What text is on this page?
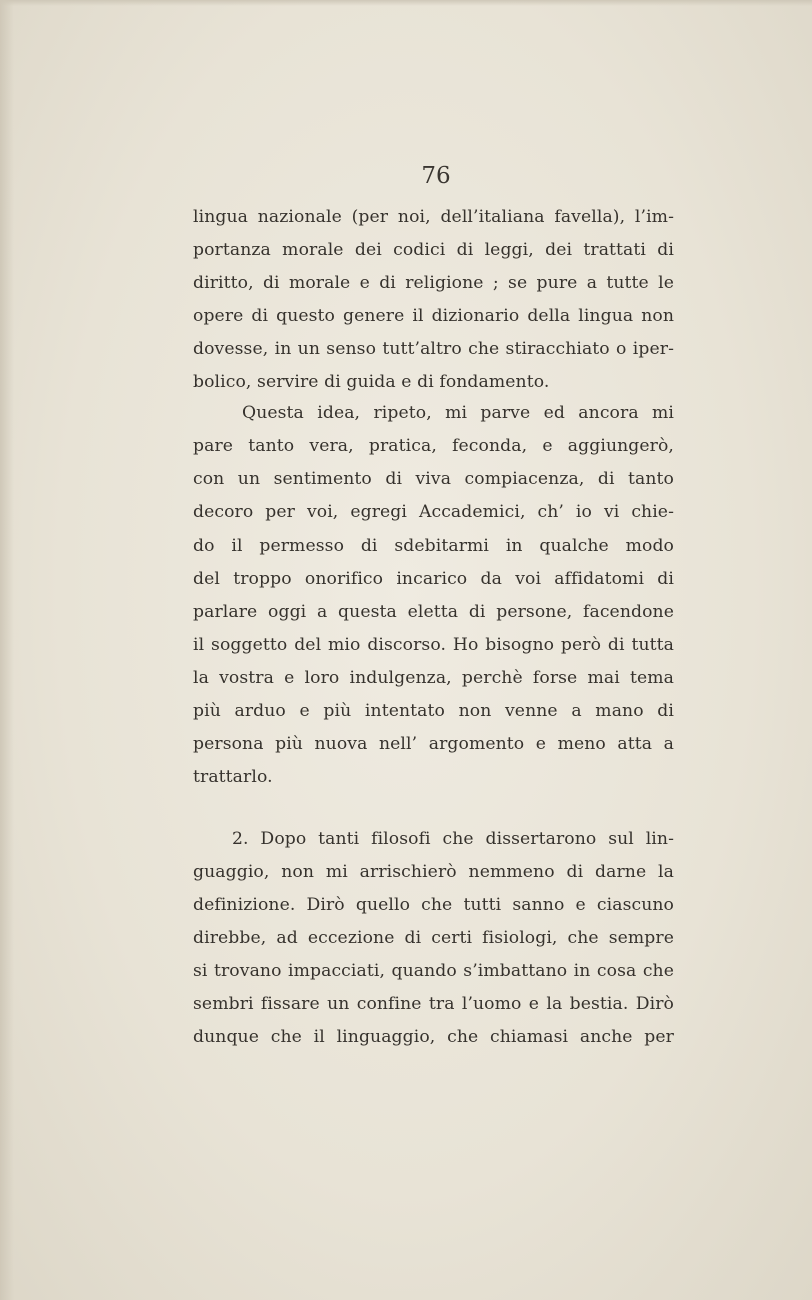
76
lingua nazionale (per noi, dell’italiana favella), l’im-
portanza morale dei codici di leggi, dei trattati di
diritto, di morale e di religione ; se pure a tutte le
opere di questo genere il dizionario della lingua non
dovesse, in un senso tutt’altro che stiracchiato o iper-
bolico, servire di guida e di fondamento.
Questa idea, ripeto, mi parve ed ancora mi
pare tanto vera, pratica, feconda, e aggiungerò,
con un sentimento di viva compiacenza, di tanto
decoro per voi, egregi Accademici, ch’ io vi chie-
do il permesso di sdebitarmi in qualche modo
del troppo onorifico incarico da voi affidatomi di
parlare oggi a questa eletta di persone, facendone
il soggetto del mio discorso. Ho bisogno però di tutta
la vostra e loro indulgenza, perchè forse mai tema
più arduo e più intentato non venne a mano di
persona più nuova nell’ argomento e meno atta a
trattarlo.
2. Dopo tanti filosofi che dissertarono sul lin-
guaggio, non mi arrischierò nemmeno di darne la
definizione. Dirò quello che tutti sanno e ciascuno
direbbe, ad eccezione di certi fisiologi, che sempre
si trovano impacciati, quando s’imbattano in cosa che
sembri fissare un confine tra l’uomo e la bestia. Dirò
dunque che il linguaggio, che chiamasi anche per
